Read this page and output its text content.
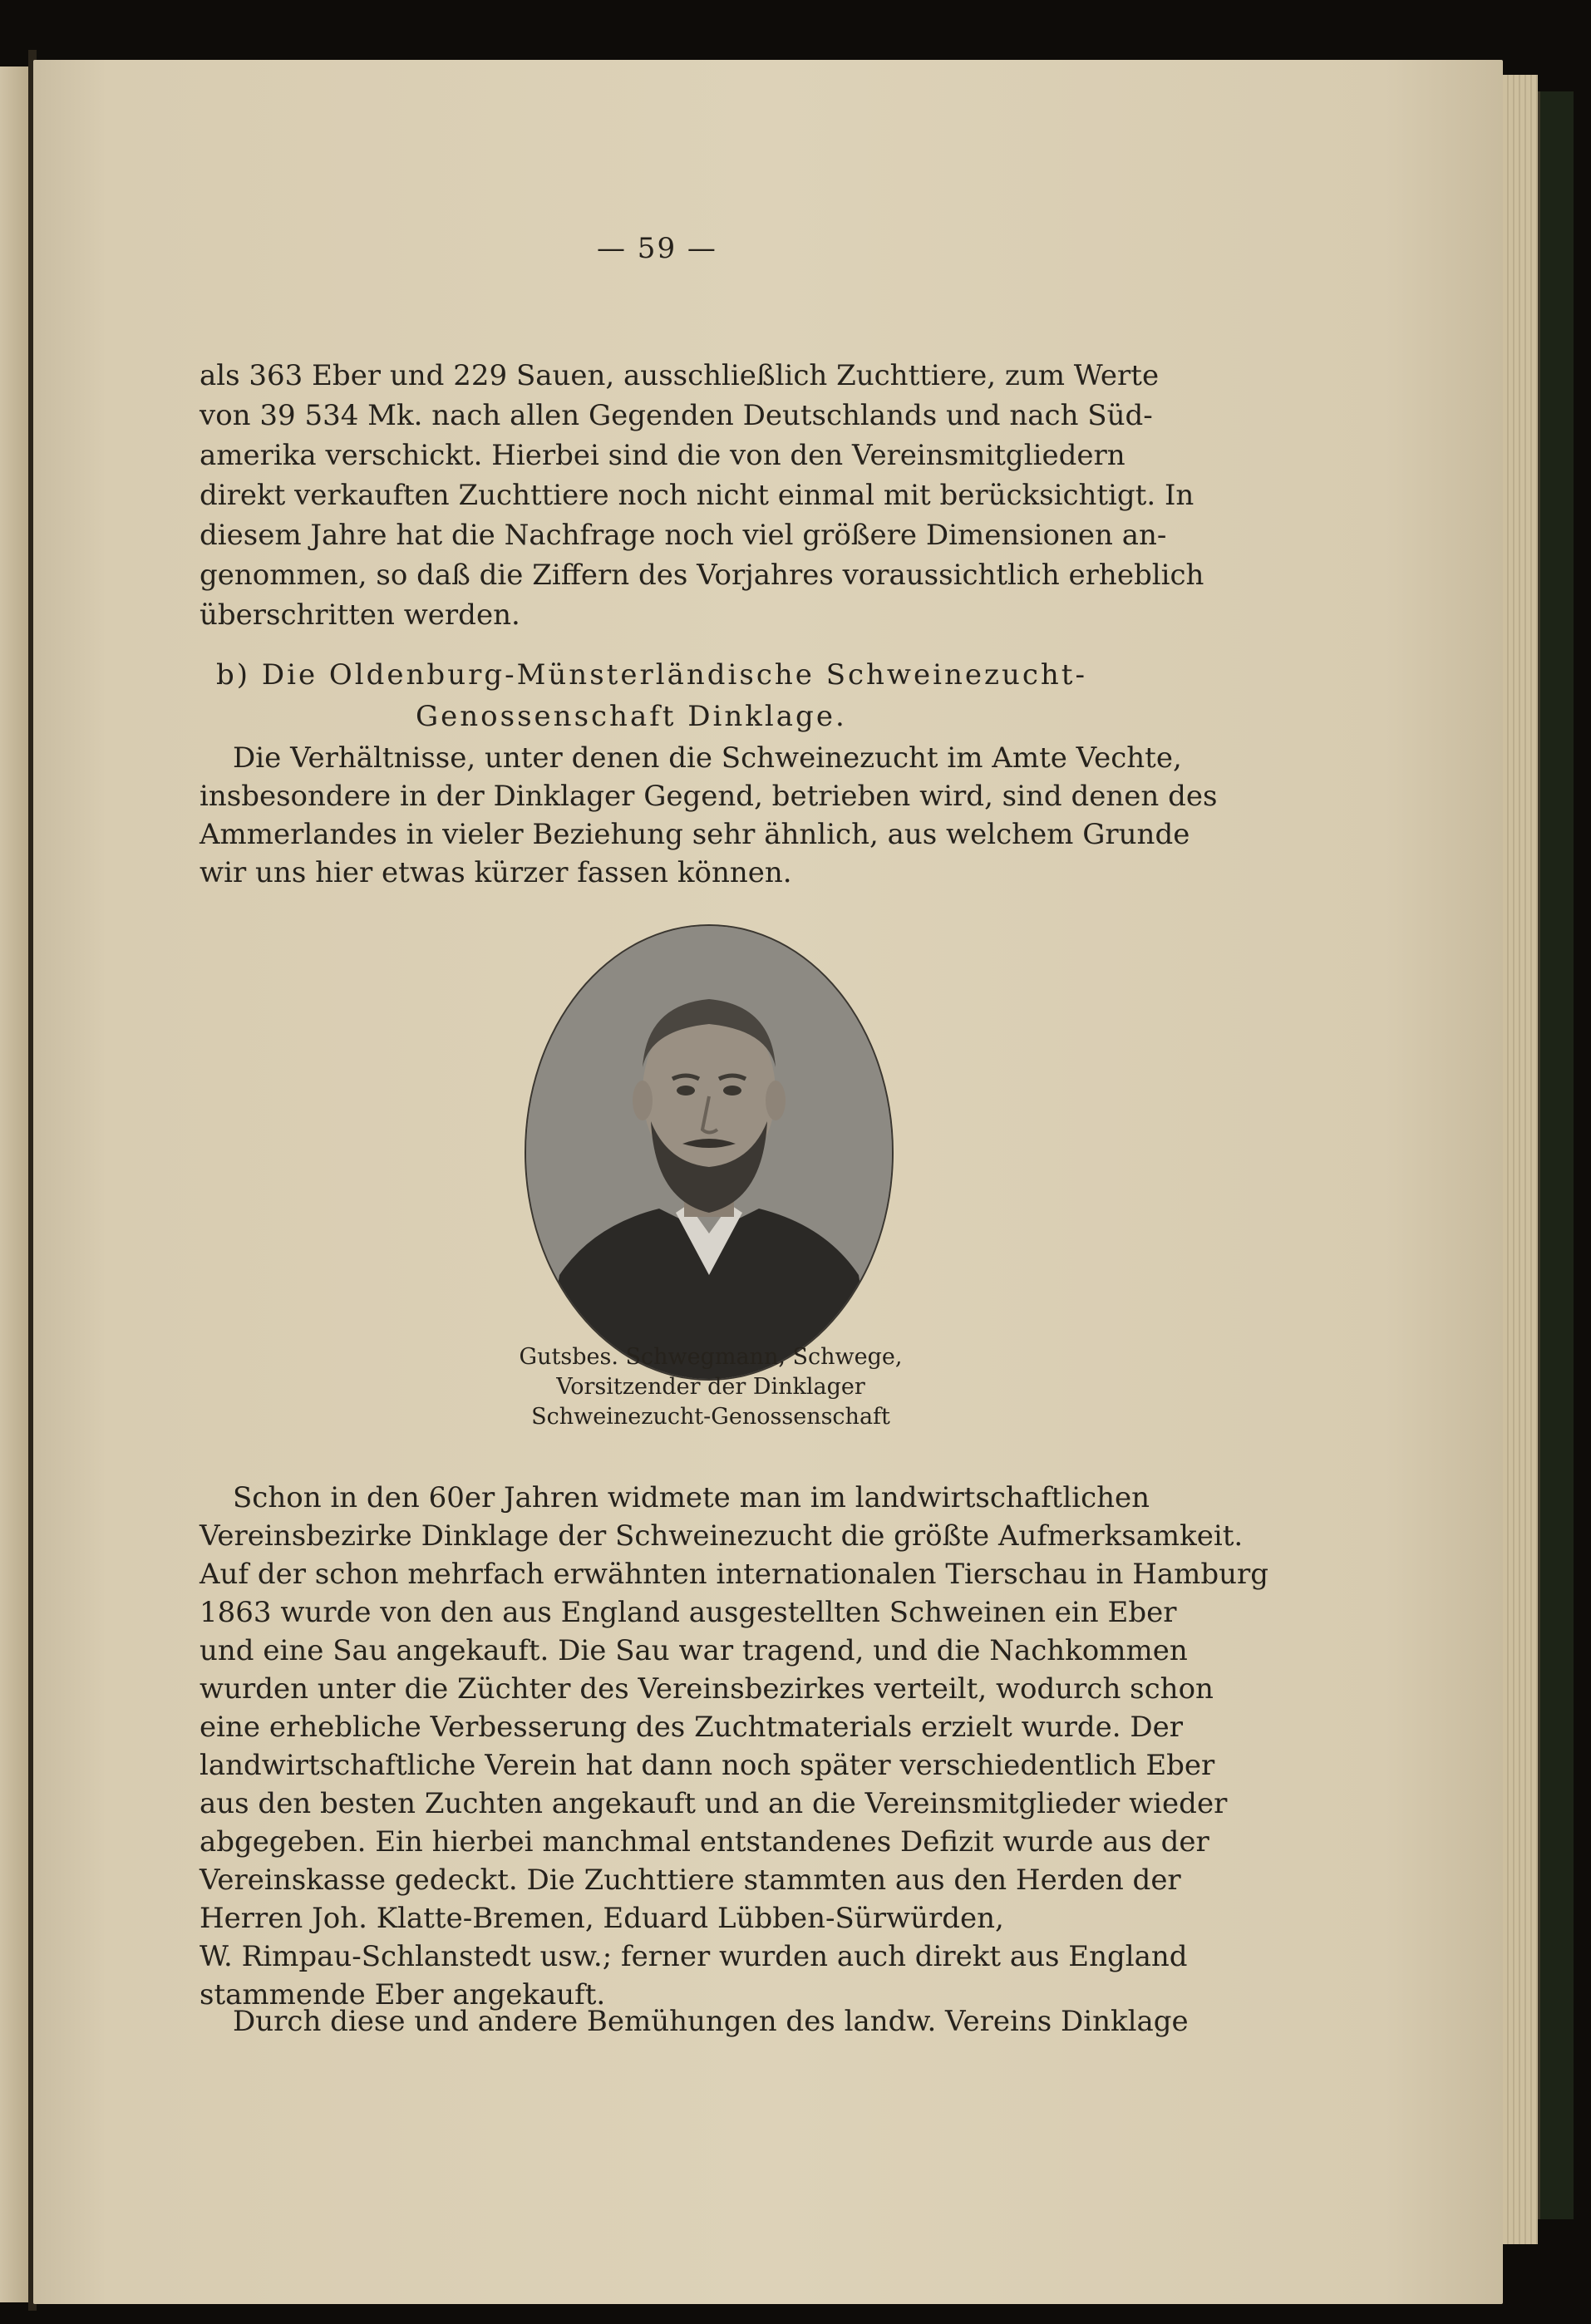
— 59 —

als 363 Eber und 229 Sauen, ausschließlich Zuchttiere, zum Werte

von 39 534 Mk. nach allen Gegenden Deutschlands und nach Süd-

amerika verschickt. Hierbei sind die von den Vereinsmitgliedern

direkt verkauften Zuchttiere noch nicht einmal mit berücksichtigt. In

diesem Jahre hat die Nachfrage noch viel größere Dimensionen an-

genommen, so daß die Ziffern des Vorjahres voraussichtlich erheblich

überschritten werden.

b) Die Oldenburg-Münsterländische Schweinezucht-

Genossenschaft Dinklage.

Die Verhältnisse, unter denen die Schweinezucht im Amte Vechte,

insbesondere in der Dinklager Gegend, betrieben wird, sind denen des

Ammerlandes in vieler Beziehung sehr ähnlich, aus welchem Grunde

wir uns hier etwas kürzer fassen können.

Gutsbes. Schwegmann, Schwege,

Vorsitzender der Dinklager

Schweinezucht-Genossenschaft

Schon in den 60er Jahren widmete man im landwirtschaftlichen

Vereinsbezirke Dinklage der Schweinezucht die größte Aufmerksamkeit.

Auf der schon mehrfach erwähnten internationalen Tierschau in Hamburg

1863 wurde von den aus England ausgestellten Schweinen ein Eber

und eine Sau angekauft. Die Sau war tragend, und die Nachkommen

wurden unter die Züchter des Vereinsbezirkes verteilt, wodurch schon

eine erhebliche Verbesserung des Zuchtmaterials erzielt wurde. Der

landwirtschaftliche Verein hat dann noch später verschiedentlich Eber

aus den besten Zuchten angekauft und an die Vereinsmitglieder wieder

abgegeben. Ein hierbei manchmal entstandenes Defizit wurde aus der

Vereinskasse gedeckt. Die Zuchttiere stammten aus den Herden der

Herren Joh. Klatte-Bremen, Eduard Lübben-Sürwürden,

W. Rimpau-Schlanstedt usw.; ferner wurden auch direkt aus England

stammende Eber angekauft.

Durch diese und andere Bemühungen des landw. Vereins Dinklage
